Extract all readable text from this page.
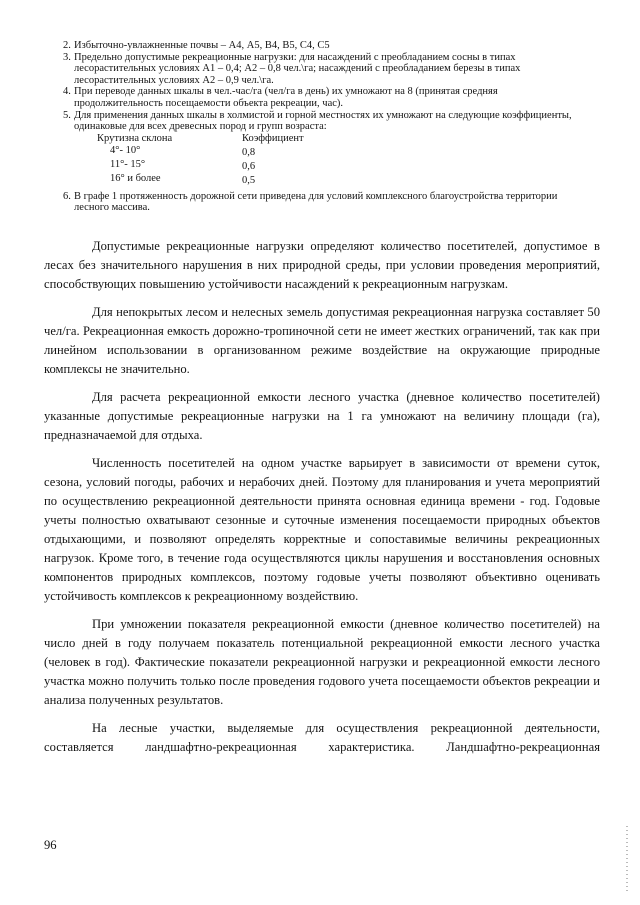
2. Избыточно-увлажненные почвы – А4, А5, В4, В5, С4, С5
3. Предельно допустимые рекреационные нагрузки: для насаждений с преобладанием сосны в типах лесорастительных условиях А1 – 0,4; А2 – 0,8 чел.\га; насаждений с преобладанием березы в типах лесорастительных условиях А2 – 0,9 чел.\га.
4. При переводе данных шкалы в чел.-час/га (чел/га в день) их умножают на 8 (принятая средняя продолжительность посещаемости объекта рекреации, час).
5. Для применения данных шкалы в холмистой и горной местностях их умножают на следующие коэффициенты, одинаковые для всех древесных пород и групп возраста:
Крутизна склона	Коэффициент
4°- 10°	0,8
11°- 15°	0,6
16° и более	0,5
6. В графе 1 протяженность дорожной сети приведена для условий комплексного благоустройства территории лесного массива.

Допустимые рекреационные нагрузки определяют количество посетителей, допустимое в лесах без значительного нарушения в них природной среды, при условии проведения мероприятий, способствующих повышению устойчивости насаждений к рекреационным нагрузкам.

Для непокрытых лесом и нелесных земель допустимая рекреационная нагрузка составляет 50 чел/га. Рекреационная емкость дорожно-тропиночной сети не имеет жестких ограничений, так как при линейном использовании в организованном режиме воздействие на окружающие природные комплексы не значительно.

Для расчета рекреационной емкости лесного участка (дневное количество посетителей) указанные допустимые рекреационные нагрузки на 1 га умножают на величину площади (га), предназначаемой для отдыха.

Численность посетителей на одном участке варьирует в зависимости от времени суток, сезона, условий погоды, рабочих и нерабочих дней. Поэтому для планирования и учета мероприятий по осуществлению рекреационной деятельности принята основная единица времени - год. Годовые учеты полностью охватывают сезонные и суточные изменения посещаемости природных объектов отдыхающими, и позволяют определять корректные и сопоставимые величины рекреационных нагрузок. Кроме того, в течение года осуществляются циклы нарушения и восстановления основных компонентов природных комплексов, поэтому годовые учеты позволяют объективно оценивать устойчивость комплексов к рекреационному воздействию.

При умножении показателя рекреационной емкости (дневное количество посетителей) на число дней в году получаем показатель потенциальной рекреационной емкости лесного участка (человек в год). Фактические показатели рекреационной нагрузки и рекреационной емкости лесного участка можно получить только после проведения годового учета посещаемости объектов рекреации и анализа полученных результатов.

На лесные участки, выделяемые для осуществления рекреационной деятельности, составляется ландшафтно-рекреационная характеристика. Ландшафтно-рекреационная

96
